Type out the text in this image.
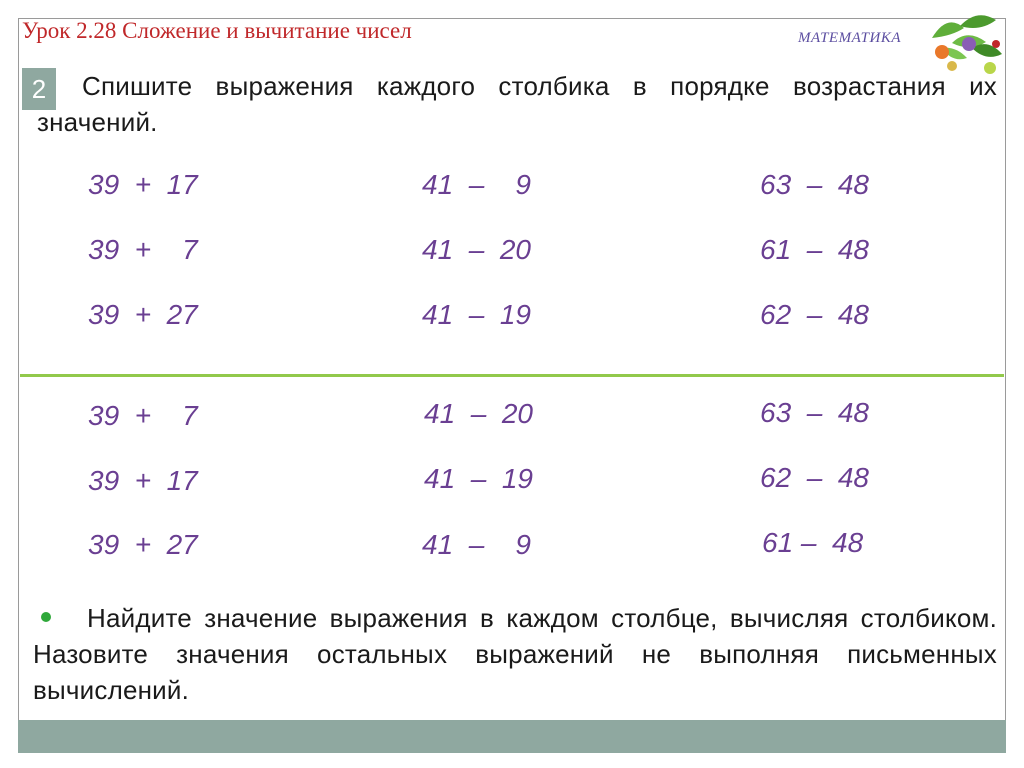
Урок 2.28 Сложение и вычитание чисел	МАТЕМАТИКА
2	Спишите выражения каждого столбика в порядке возрастания их значений.
39  +  17
39  +    7
39  +  27
41  –    9
41  –  20
41  –  19
63  –  48
61  –  48
62  –  48
39  +    7
39  +  17
39  +  27
41  –  20
41  –  19
41  –    9
63  –  48
62  –  48
61 –  48
Найдите значение выражения в каждом столбце, вычисляя столбиком. Назовите значения остальных выражений не выполняя письменных вычислений.
